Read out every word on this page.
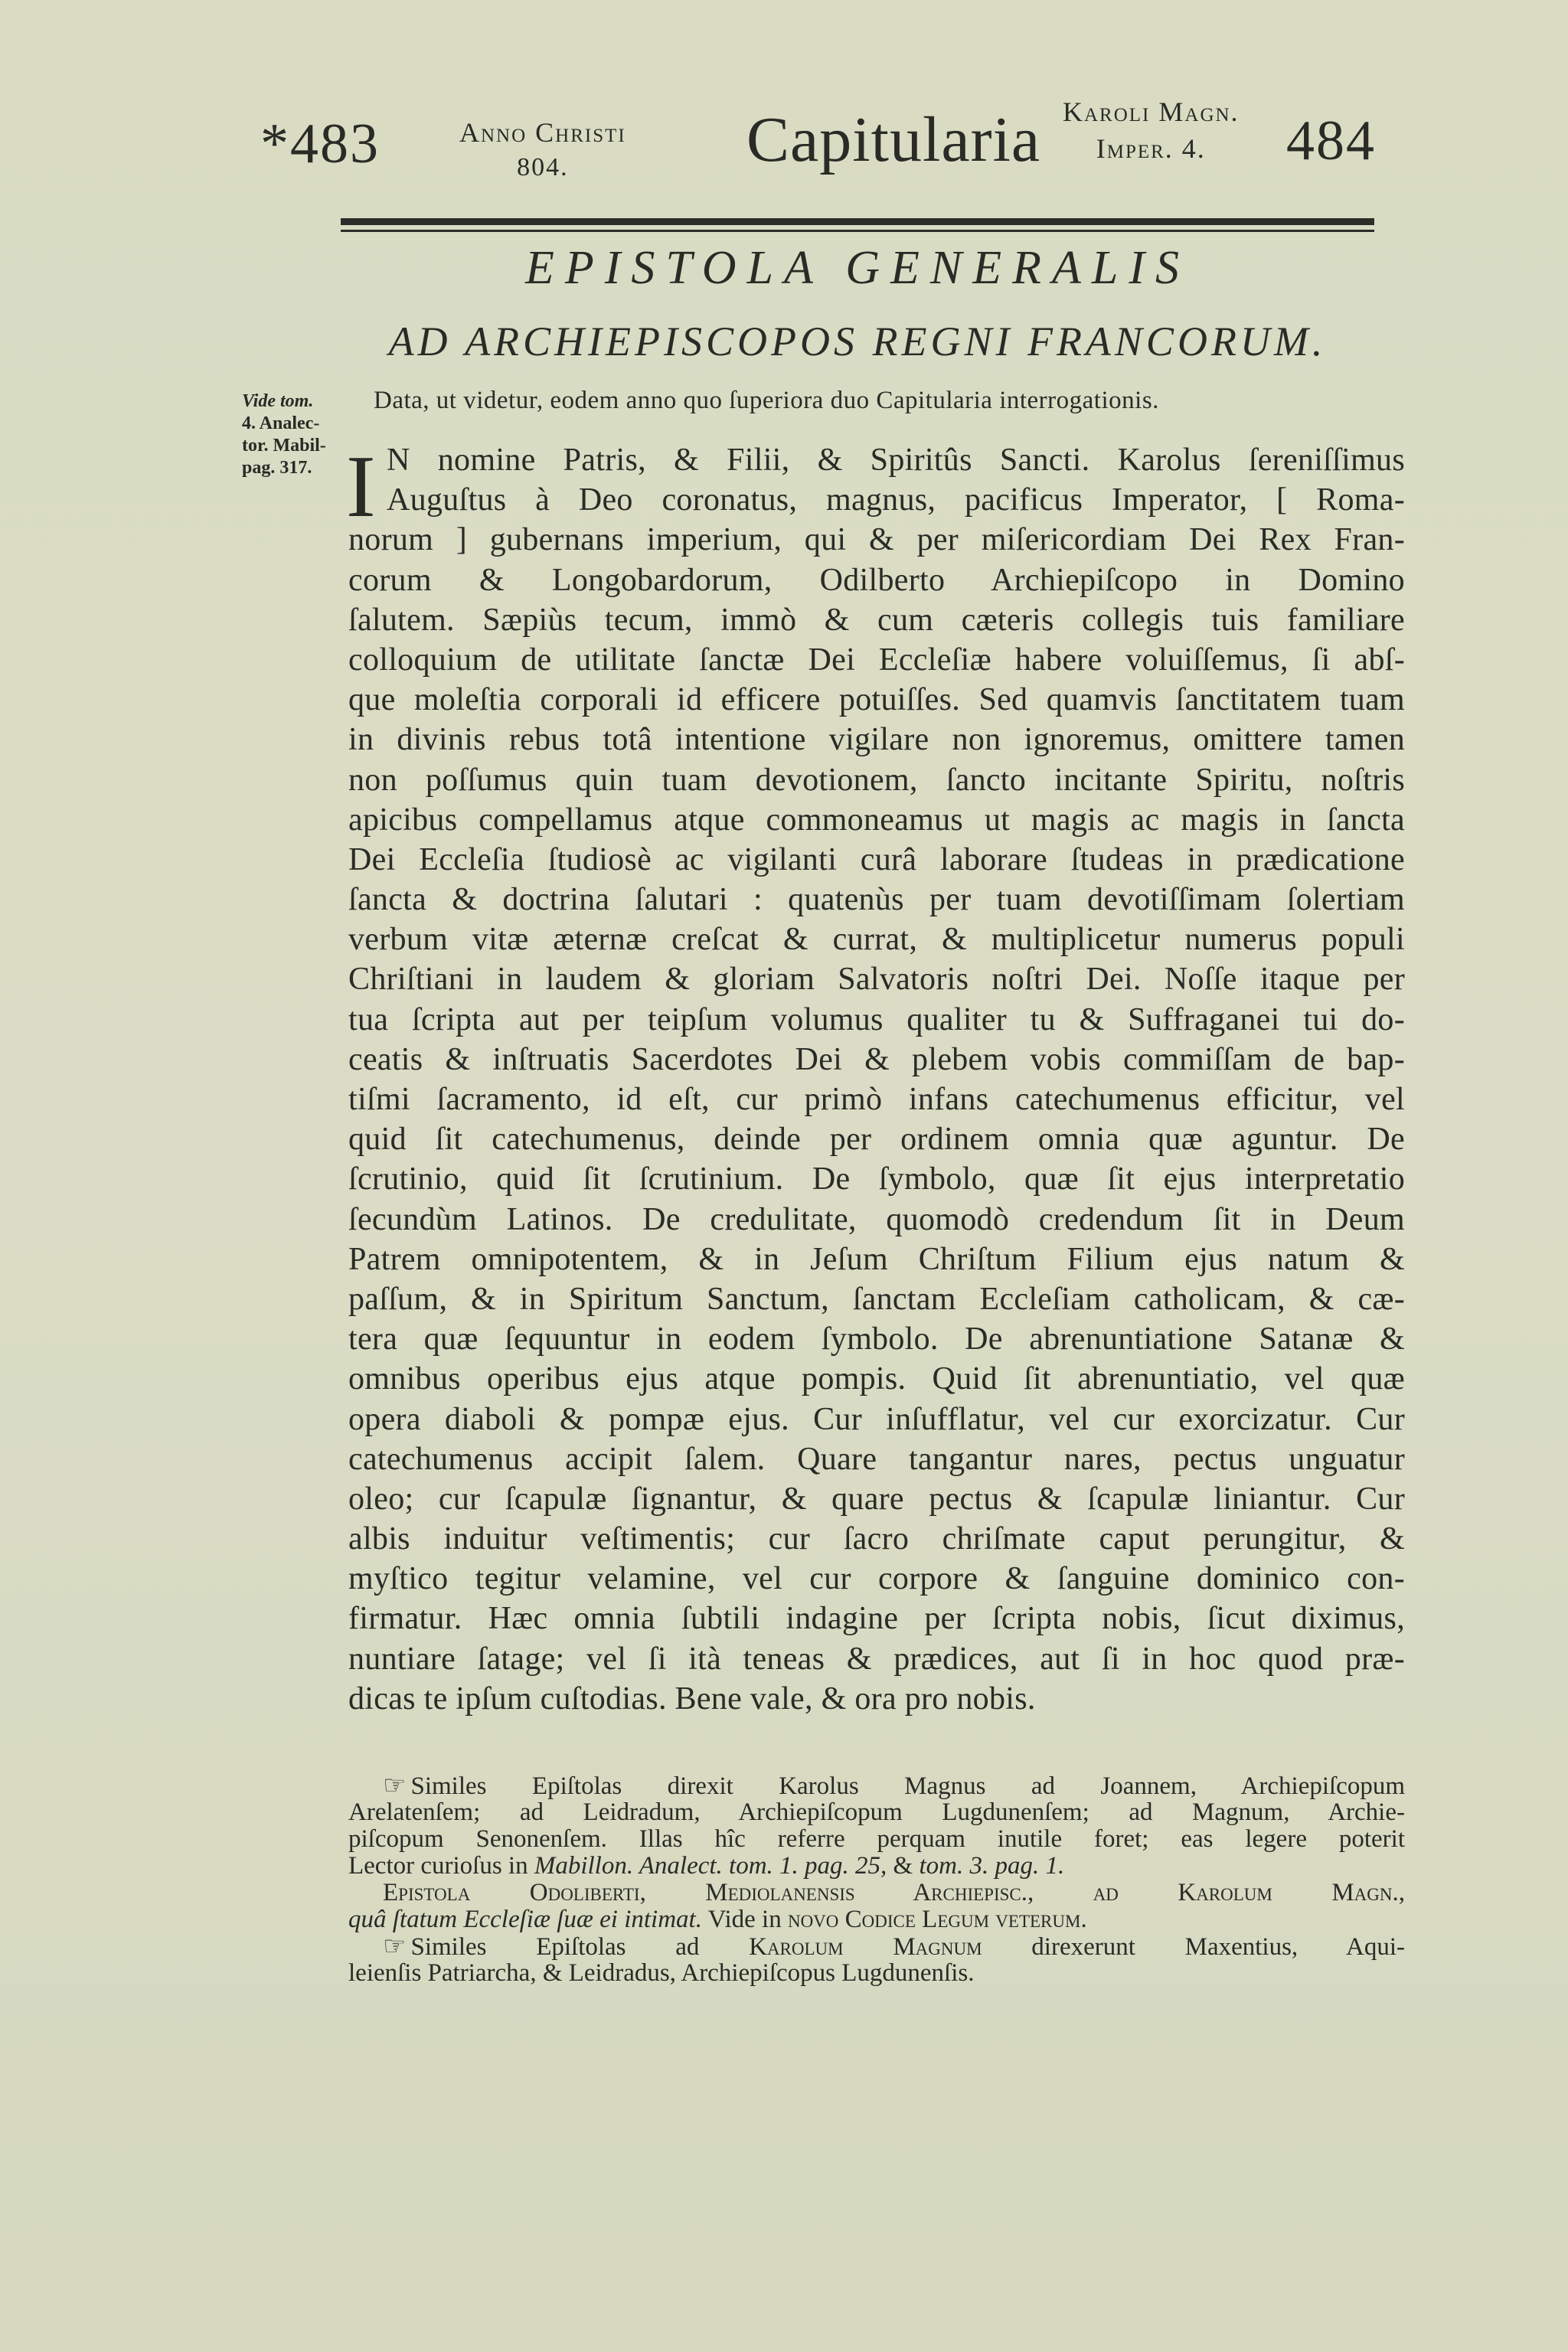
*483	Anno Christi
804.	Capitularia Karoli Magn.
Imper. 4.	484
EPISTOLA GENERALIS
AD ARCHIEPISCOPOS REGNI FRANCORUM.
Data, ut videtur, eodem anno quo ſuperiora duo Capitularia interrogationis.
Vide tom.
4. Analec-
tor. Mabil-
pag. 317. I N nomine Patris, & Filii, & Spiritûs Sancti. Karolus ſereniſſimus
Auguſtus à Deo coronatus, magnus, pacificus Imperator, [ Roma-
norum ] gubernans imperium, qui & per miſericordiam Dei Rex Fran-
corum & Longobardorum, Odilberto Archiepiſcopo in Domino
ſalutem. Sæpiùs tecum, immò & cum cæteris collegis tuis familiare
colloquium de utilitate ſanctæ Dei Eccleſiæ habere voluiſſemus, ſi abſ-
que moleſtia corporali id efficere potuiſſes. Sed quamvis ſanctitatem tuam
in divinis rebus totâ intentione vigilare non ignoremus, omittere tamen
non poſſumus quin tuam devotionem, ſancto incitante Spiritu, noſtris
apicibus compellamus atque commoneamus ut magis ac magis in ſancta
Dei Eccleſia ſtudiosè ac vigilanti curâ laborare ſtudeas in prædicatione
ſancta & doctrina ſalutari : quatenùs per tuam devotiſſimam ſolertiam
verbum vitæ æternæ creſcat & currat, & multiplicetur numerus populi
Chriſtiani in laudem & gloriam Salvatoris noſtri Dei. Noſſe itaque per
tua ſcripta aut per teipſum volumus qualiter tu & Suffraganei tui do-
ceatis & inſtruatis Sacerdotes Dei & plebem vobis commiſſam de bap-
tiſmi ſacramento, id eſt, cur primò infans catechumenus efficitur, vel
quid ſit catechumenus, deinde per ordinem omnia quæ aguntur. De
ſcrutinio, quid ſit ſcrutinium. De ſymbolo, quæ ſit ejus interpretatio
ſecundùm Latinos. De credulitate, quomodò credendum ſit in Deum
Patrem omnipotentem, & in Jeſum Chriſtum Filium ejus natum &
paſſum, & in Spiritum Sanctum, ſanctam Eccleſiam catholicam, & cæ-
tera quæ ſequuntur in eodem ſymbolo. De abrenuntiatione Satanæ &
omnibus operibus ejus atque pompis. Quid ſit abrenuntiatio, vel quæ
opera diaboli & pompæ ejus. Cur inſufflatur, vel cur exorcizatur. Cur
catechumenus accipit ſalem. Quare tangantur nares, pectus unguatur
oleo; cur ſcapulæ ſignantur, & quare pectus & ſcapulæ liniantur. Cur
albis induitur veſtimentis; cur ſacro chriſmate caput perungitur, &
myſtico tegitur velamine, vel cur corpore & ſanguine dominico con-
firmatur. Hæc omnia ſubtili indagine per ſcripta nobis, ſicut diximus,
nuntiare ſatage; vel ſi ità teneas & prædices, aut ſi in hoc quod præ-
dicas te ipſum cuſtodias. Bene vale, & ora pro nobis.
☞ Similes Epiſtolas direxit Karolus Magnus ad Joannem, Archiepiſcopum
Arelatenſem; ad Leidradum, Archiepiſcopum Lugdunenſem; ad Magnum, Archie-
piſcopum Senonenſem. Illas hîc referre perquam inutile foret; eas legere poterit
Lector curioſus in Mabillon. Analect. tom. 1. pag. 25, & tom. 3. pag. 1.
Epistola Odoliberti, Mediolanensis Archiepisc., ad Karolum Magn.,
quâ ſtatum Eccleſiæ ſuæ ei intimat. Vide in novo Codice Legum veterum.
☞ Similes Epiſtolas ad Karolum Magnum direxerunt Maxentius, Aqui-
leienſis Patriarcha, & Leidradus, Archiepiſcopus Lugdunenſis.
